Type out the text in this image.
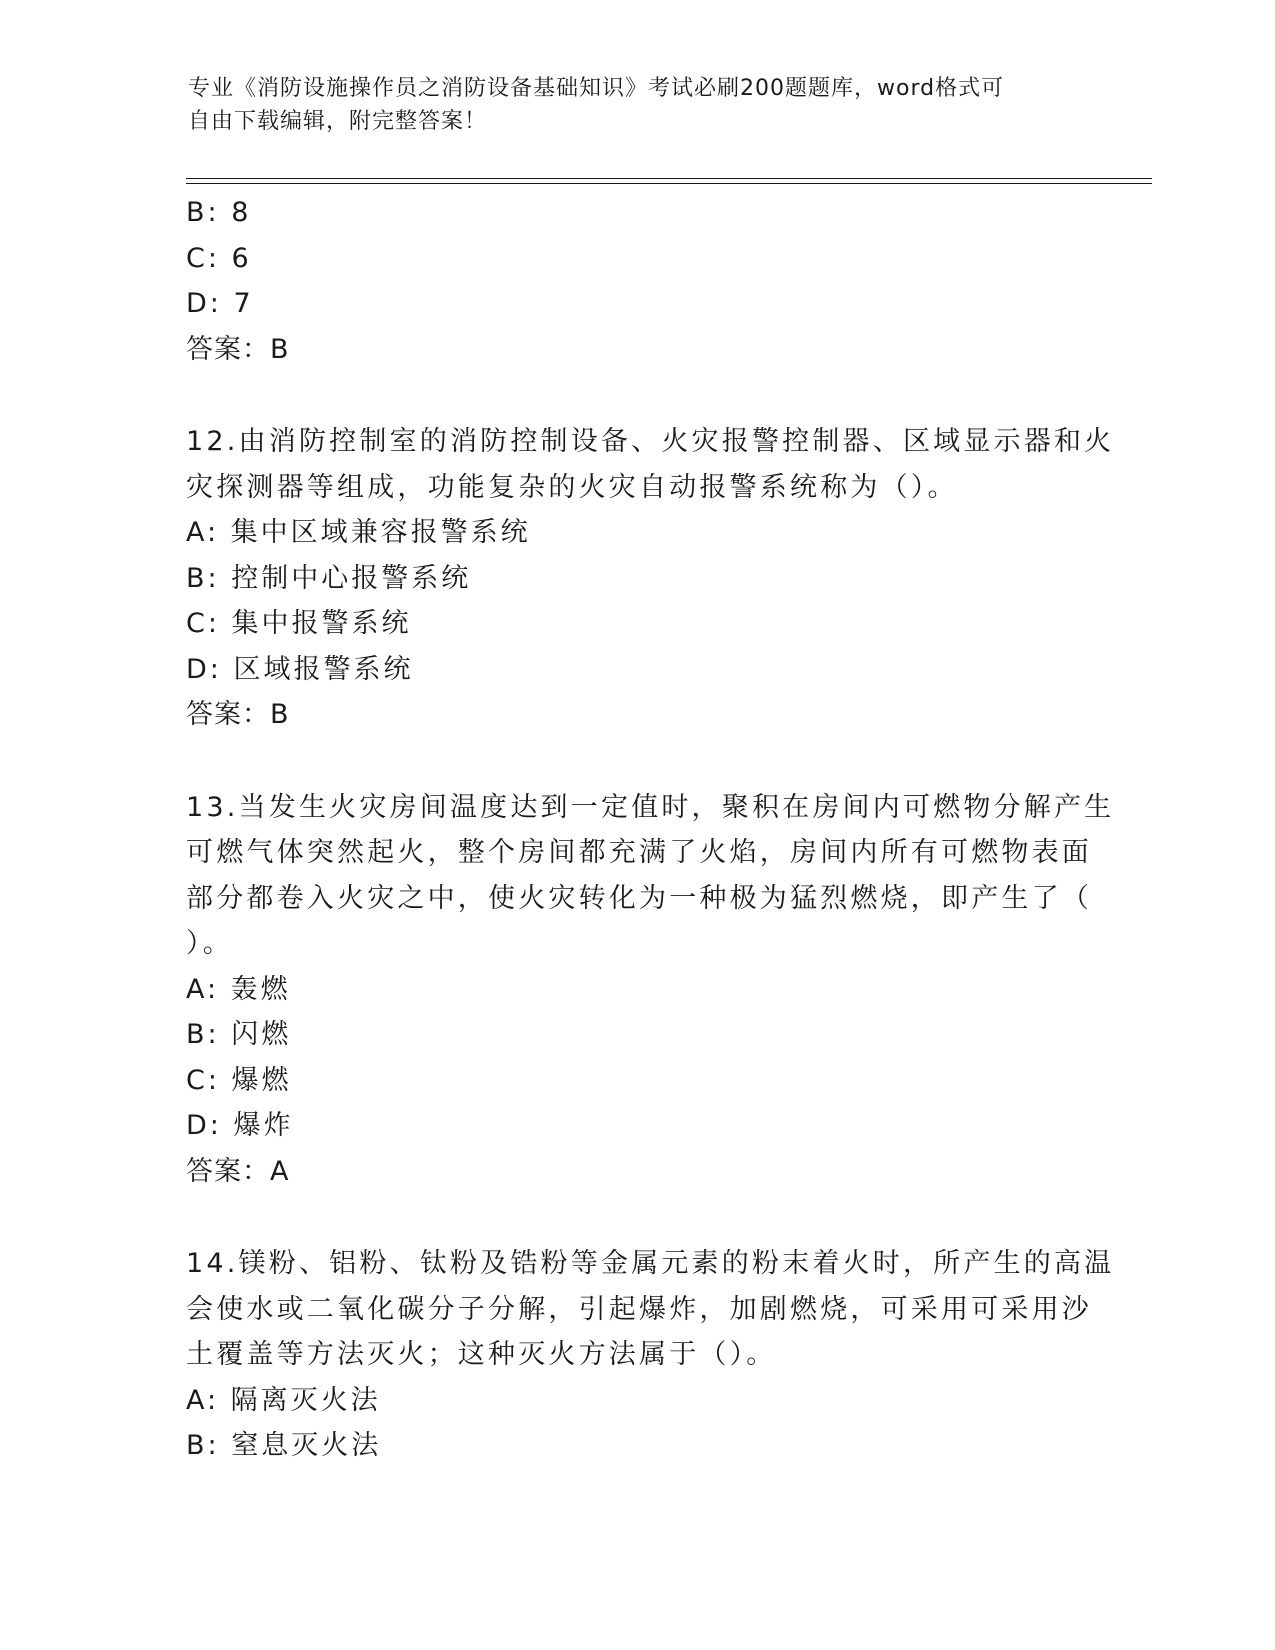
专业《消防设施操作员之消防设备基础知识》考试必刷200题题库，word格式可
自由下载编辑，附完整答案！
B: 8
C: 6
D: 7
答案：B
12.由消防控制室的消防控制设备、火灾报警控制器、区域显示器和火
灾探测器等组成，功能复杂的火灾自动报警系统称为（）。
A: 集中区域兼容报警系统
B: 控制中心报警系统
C: 集中报警系统
D: 区域报警系统
答案：B
13.当发生火灾房间温度达到一定值时，聚积在房间内可燃物分解产生
可燃气体突然起火，整个房间都充满了火焰，房间内所有可燃物表面
部分都卷入火灾之中，使火灾转化为一种极为猛烈燃烧，即产生了（
）。
A: 轰燃
B: 闪燃
C: 爆燃
D: 爆炸
答案：A
14.镁粉、铝粉、钛粉及锆粉等金属元素的粉末着火时，所产生的高温
会使水或二氧化碳分子分解，引起爆炸，加剧燃烧，可采用可采用沙
土覆盖等方法灭火；这种灭火方法属于（）。
A: 隔离灭火法
B: 窒息灭火法
